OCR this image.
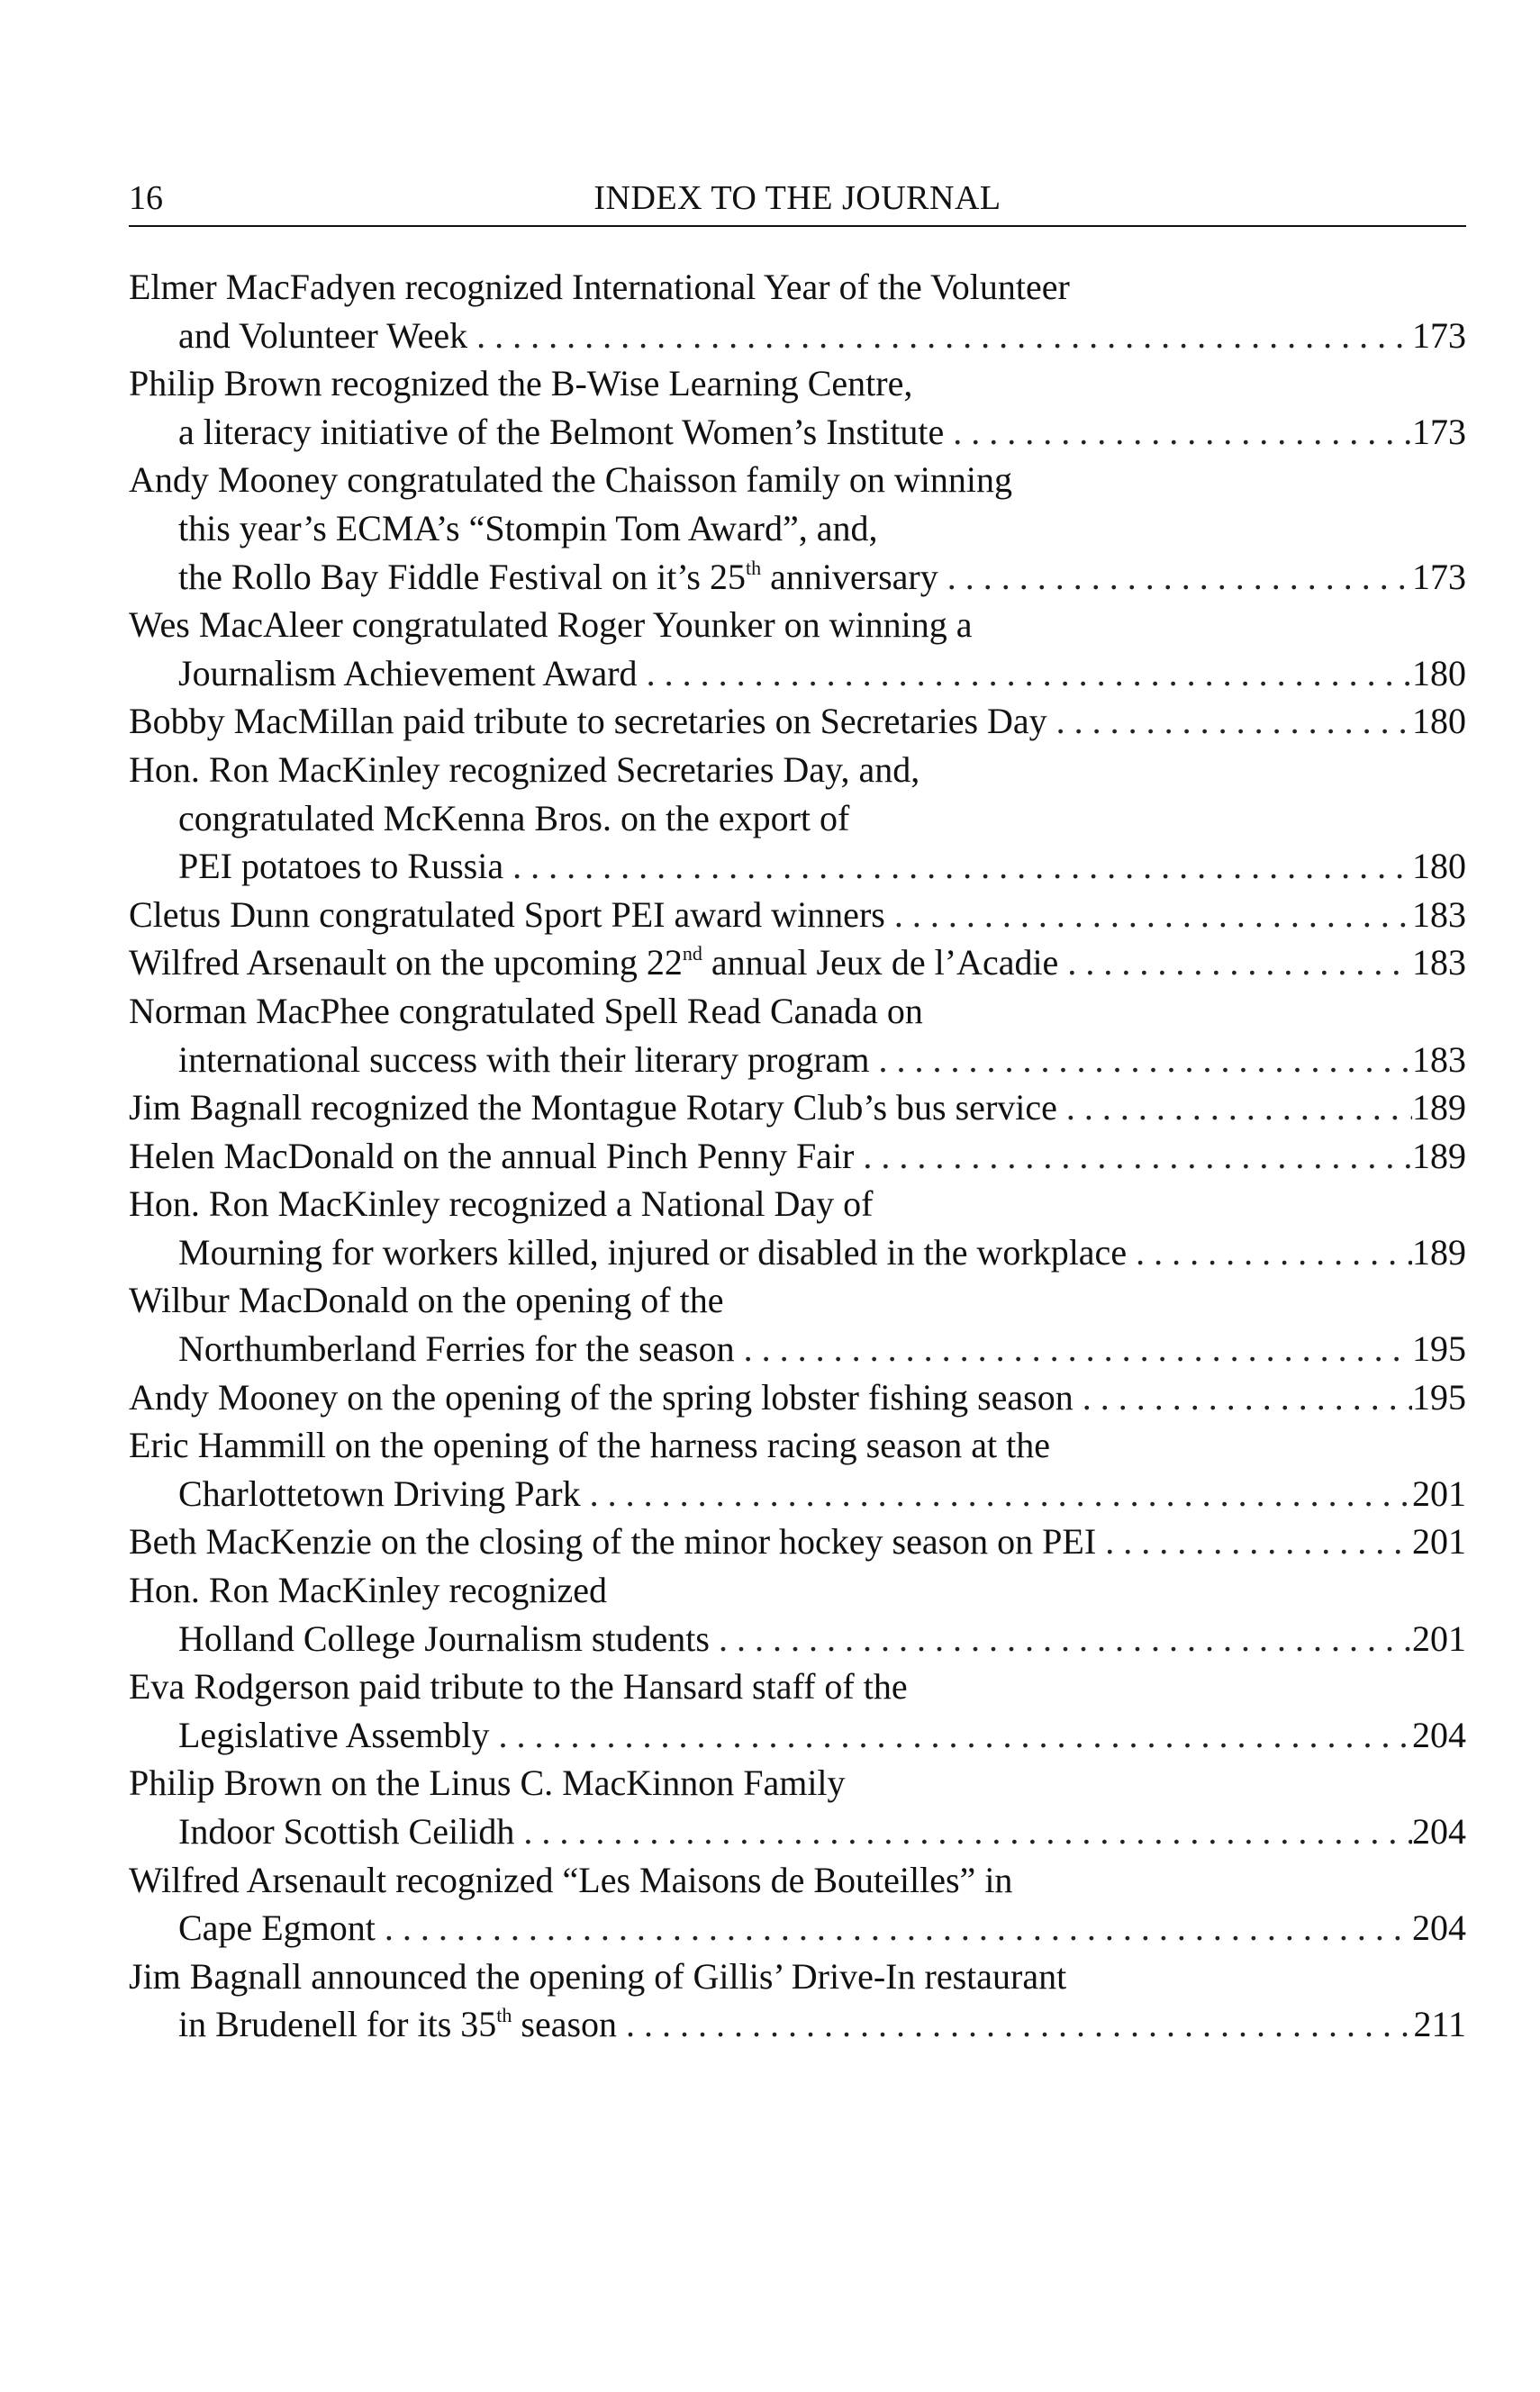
16	INDEX TO THE JOURNAL
Elmer MacFadyen recognized International Year of the Volunteer
and Volunteer Week . . .	173
Philip Brown recognized the B-Wise Learning Centre,
a literacy initiative of the Belmont Women’s Institute . . .	173
Andy Mooney congratulated the Chaisson family on winning
this year’s ECMA’s “Stompin Tom Award”, and,
the Rollo Bay Fiddle Festival on it’s 25th anniversary . . .	173
Wes MacAleer congratulated Roger Younker on winning a
Journalism Achievement Award . . .	180
Bobby MacMillan paid tribute to secretaries on Secretaries Day . . .	180
Hon. Ron MacKinley recognized Secretaries Day, and,
congratulated McKenna Bros. on the export of
PEI potatoes to Russia . . .	180
Cletus Dunn congratulated Sport PEI award winners . . .	183
Wilfred Arsenault on the upcoming 22nd annual Jeux de l’Acadie . . .	183
Norman MacPhee congratulated Spell Read Canada on
international success with their literary program . . .	183
Jim Bagnall recognized the Montague Rotary Club’s bus service . . .	189
Helen MacDonald on the annual Pinch Penny Fair . . .	189
Hon. Ron MacKinley recognized a National Day of
Mourning for workers killed, injured or disabled in the workplace . . .	189
Wilbur MacDonald on the opening of the
Northumberland Ferries for the season . . .	195
Andy Mooney on the opening of the spring lobster fishing season . . .	195
Eric Hammill on the opening of the harness racing season at the
Charlottetown Driving Park . . .	201
Beth MacKenzie on the closing of the minor hockey season on PEI . . .	201
Hon. Ron MacKinley recognized
Holland College Journalism students . . .	201
Eva Rodgerson paid tribute to the Hansard staff of the
Legislative Assembly . . .	204
Philip Brown on the Linus C. MacKinnon Family
Indoor Scottish Ceilidh . . .	204
Wilfred Arsenault recognized “Les Maisons de Bouteilles” in
Cape Egmont . . .	204
Jim Bagnall announced the opening of Gillis’ Drive-In restaurant
in Brudenell for its 35th season . . .	211
